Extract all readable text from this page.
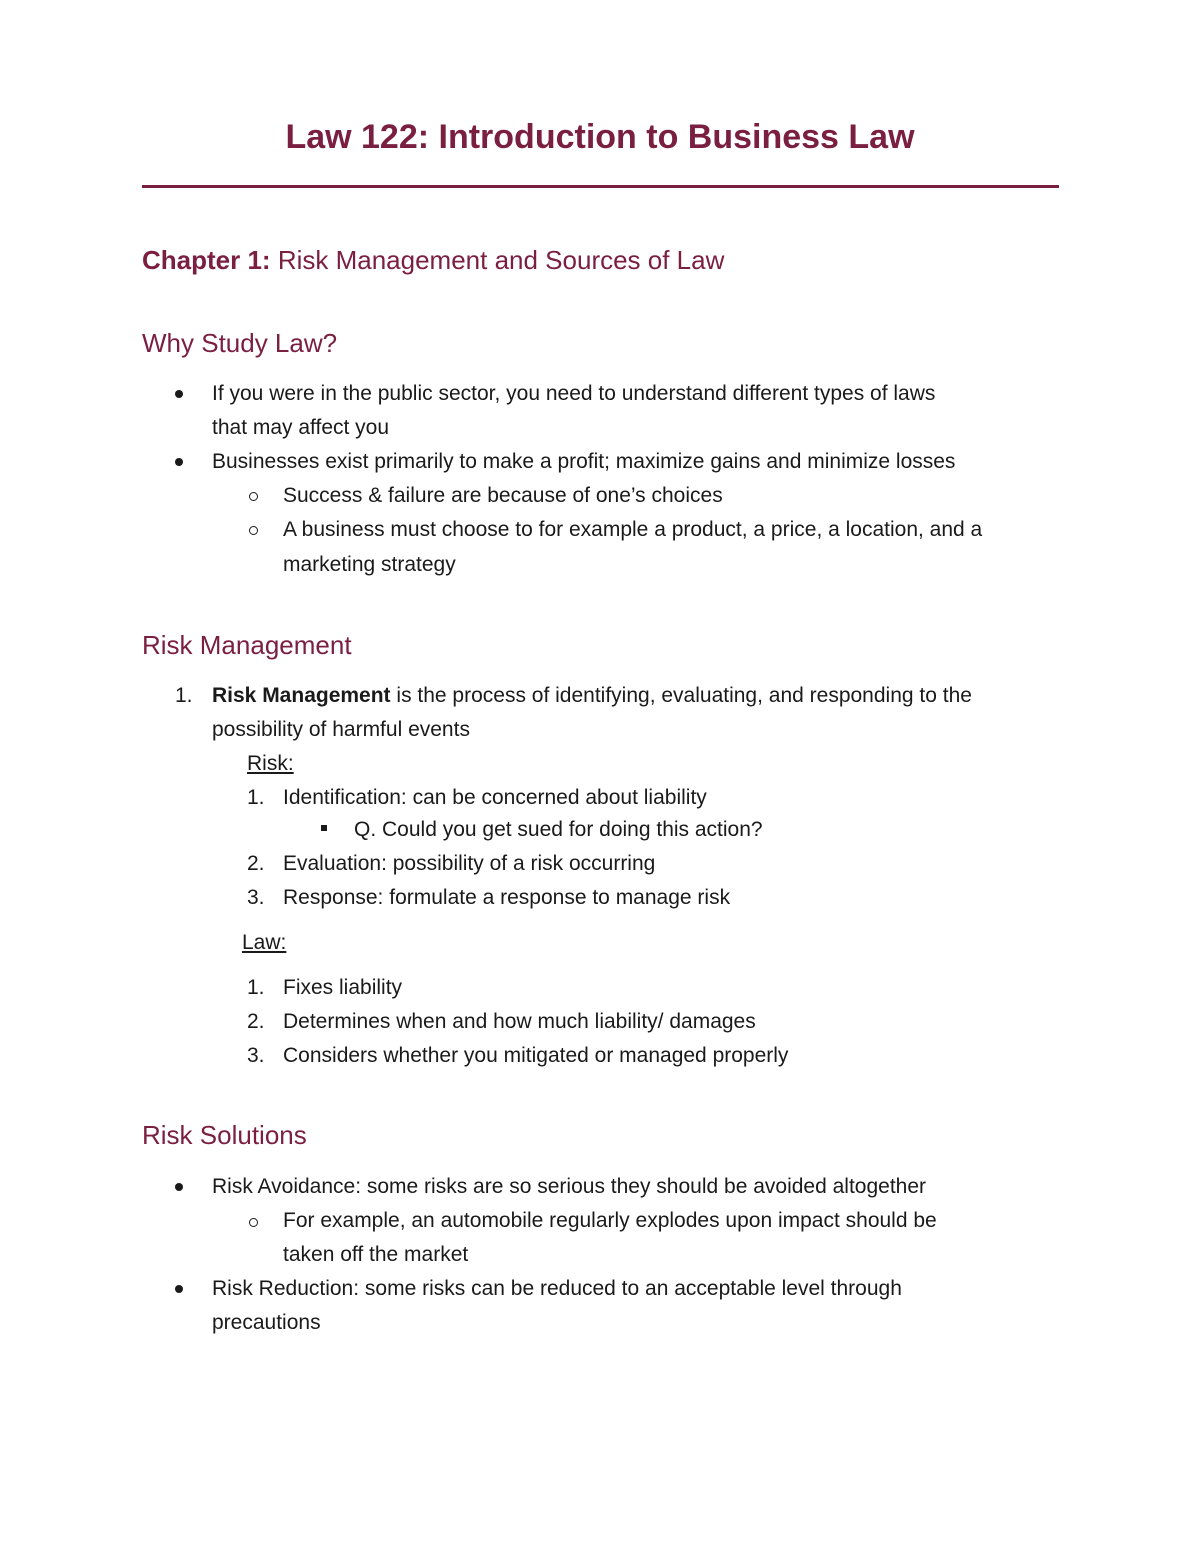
Law 122: Introduction to Business Law
Chapter 1: Risk Management and Sources of Law
Why Study Law?
If you were in the public sector, you need to understand different types of laws
that may affect you
Businesses exist primarily to make a profit; maximize gains and minimize losses
Success & failure are because of one’s choices
A business must choose to for example a product, a price, a location, and a
marketing strategy
Risk Management
1. Risk Management is the process of identifying, evaluating, and responding to the
possibility of harmful events
Risk:
1. Identification: can be concerned about liability
Q. Could you get sued for doing this action?
2. Evaluation: possibility of a risk occurring
3. Response: formulate a response to manage risk
Law:
1. Fixes liability
2. Determines when and how much liability/ damages
3. Considers whether you mitigated or managed properly
Risk Solutions
Risk Avoidance: some risks are so serious they should be avoided altogether
For example, an automobile regularly explodes upon impact should be
taken off the market
Risk Reduction: some risks can be reduced to an acceptable level through
precautions
